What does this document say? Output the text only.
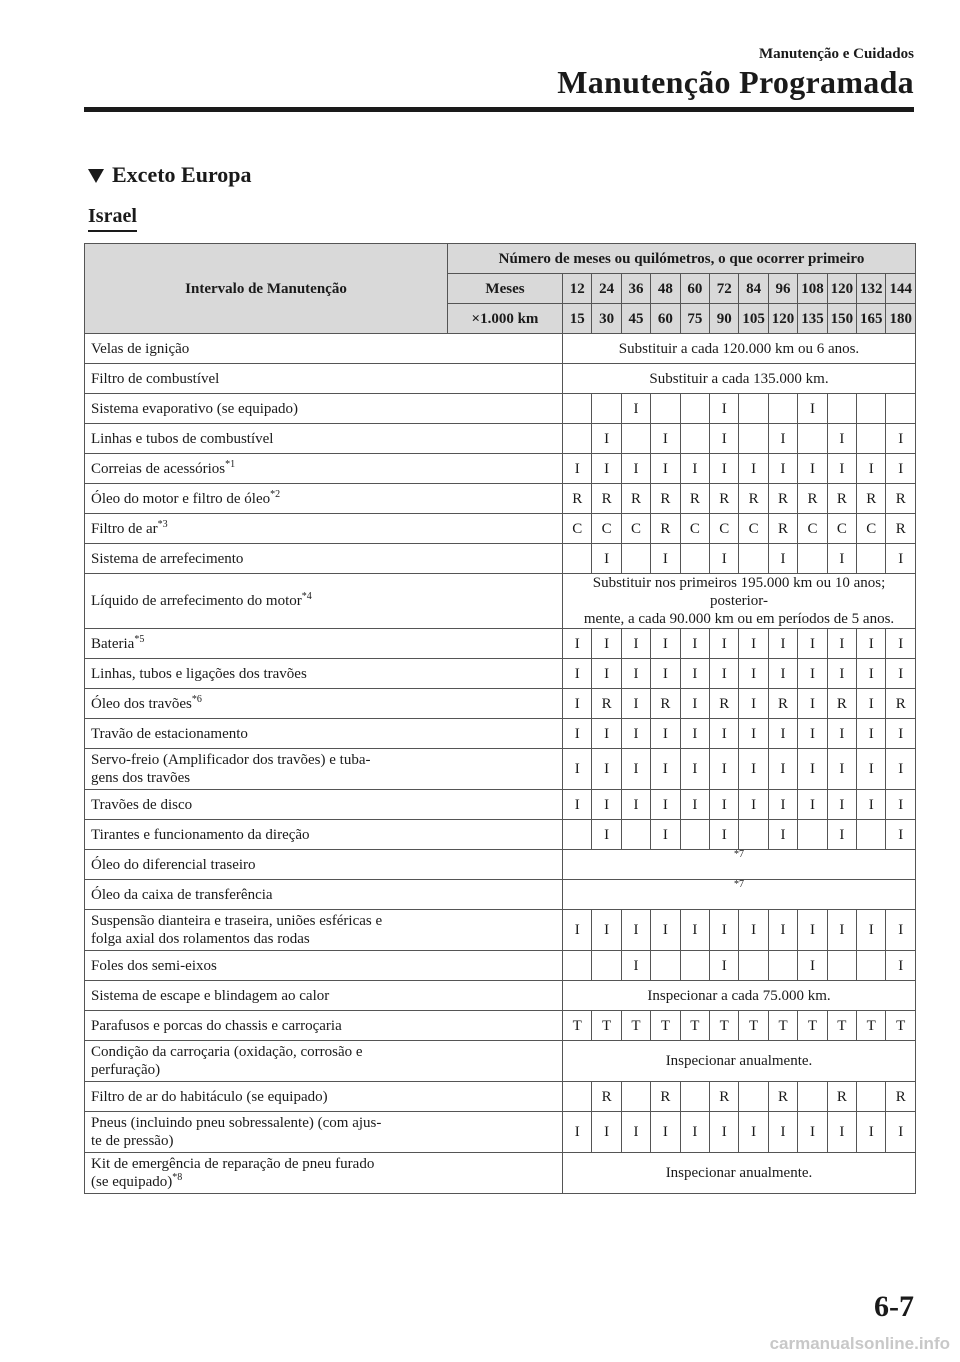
Manutenção e Cuidados
Manutenção Programada
Exceto Europa
Israel
Intervalo de Manutenção	Número de meses ou quilómetros, o que ocorrer primeiro												
	Meses	12	24	36	48	60	72	84	96	108	120	132	144
	×1.000 km	15	30	45	60	75	90	105	120	135	150	165	180
Velas de ignição		Substituir a cada 120.000 km ou 6 anos.											
Filtro de combustível		Substituir a cada 135.000 km.											
Sistema evaporativo (se equipado)				I			I			I			
Linhas e tubos de combustível			I		I		I		I		I		I
Correias de acessórios$^{*1}$		I	I	I	I	I	I	I	I	I	I	I	I
Óleo do motor e filtro de óleo$^{*2}$		R	R	R	R	R	R	R	R	R	R	R	R
Filtro de $ar^{*3}$		C	C	C	R	C	C	C	R	C	C	C	R
Sistema de arrefecimento			I		I		I		I		I		I
Líquido de arrefecimento do motor$^{*4}$		Substituir nos primeiros 195.000 km ou 10 anos; posterior-
mente, a cada 90.000 km ou em períodos de 5 anos.											
Bateria$^{*5}$		I	I	I	I	I	I	I	I	I	I	I	I
Linhas, tubos e ligações dos travões		I	I	I	I	I	I	I	I	I	I	I	I
Óleo dos travões$^{*6}$		I	R	I	R	I	R	I	R	I	R	I	R
Travão de estacionamento		I	I	I	I	I	I	I	I	I	I	I	I
Servo-freio (Amplificador dos travões) e tuba-
gens dos travões		I	I	I	I	I	I	I	I	I	I	I	I
Travões de disco		I	I	I	I	I	I	I	I	I	I	I	I
Tirantes e funcionamento da direção			I		I		I		I		I		I
Óleo do diferencial traseiro		$^{*7}$
Óleo da caixa de transferência		$^{*7}$
Suspensão dianteira e traseira, uniões esféricas e
folga axial dos rolamentos das rodas		I	I	I	I	I	I	I	I	I	I	I	I
Foles dos semi-eixos				I			I			I			I
Sistema de escape e blindagem ao calor		Inspecionar a cada 75.000 km.											
Parafusos e porcas do chassis e carroçaria		T	T	T	T	T	T	T	T	T	T	T	T
Condição da carroçaria (oxidação, corrosão e
perfuração)		Inspecionar anualmente.											
Filtro de ar do habitáculo (se equipado)			R		R		R		R		R		R
Pneus (incluindo pneu sobressalente) (com ajus-
te de pressão)		I	I	I	I	I	I	I	I	I	I	I	I
Kit de emergência de reparação de pneu furado
(se equipado)$^{*8}$		Inspecionar anualmente.											
6-7
carmanualsonline.info
